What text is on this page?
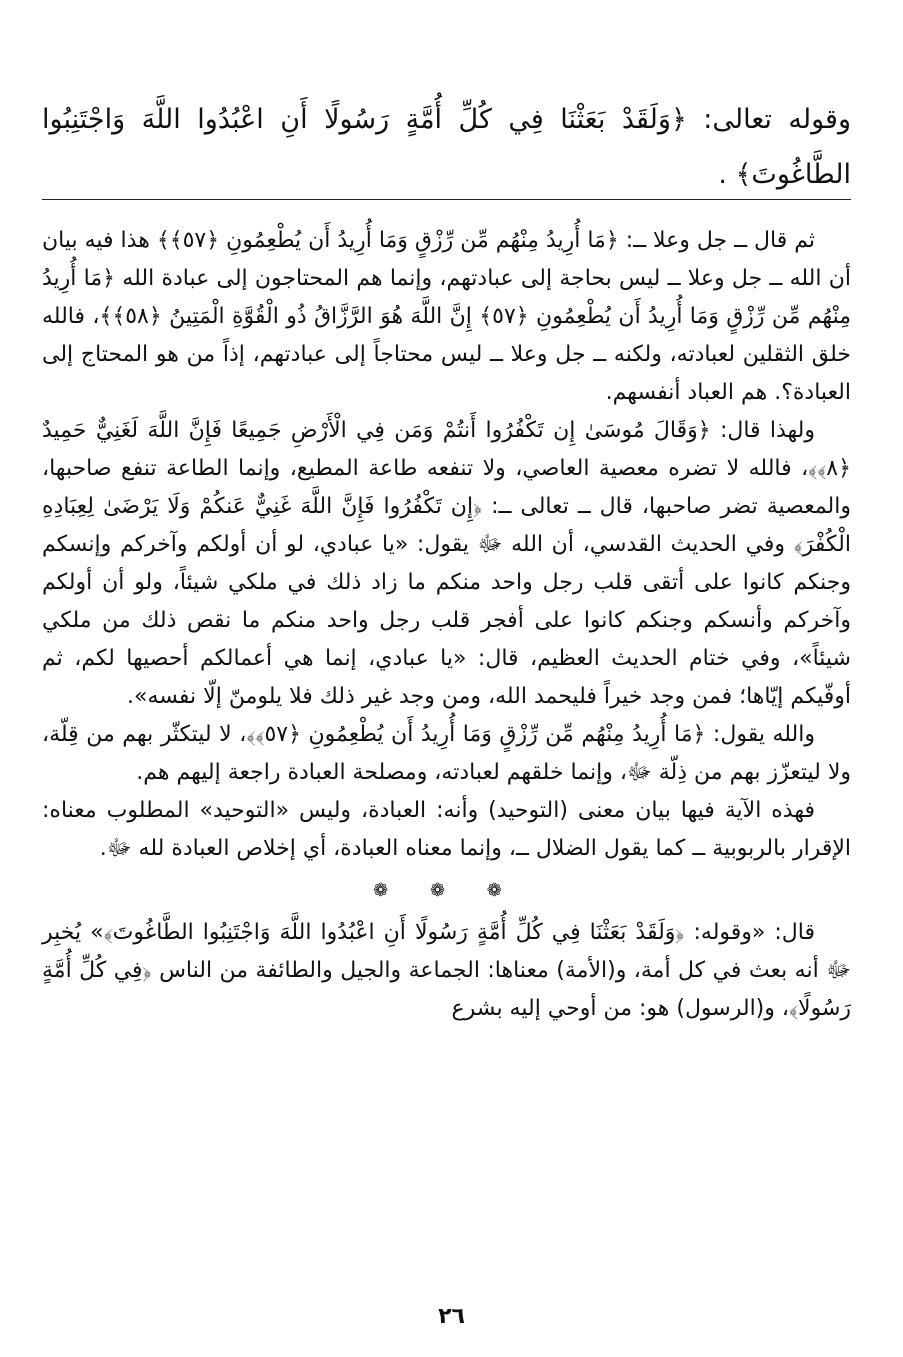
وقوله تعالى: ﴿وَلَقَدْ بَعَثْنَا فِي كُلِّ أُمَّةٍ رَسُولًا أَنِ اعْبُدُوا اللَّهَ وَاجْتَنِبُوا الطَّاغُوتَ﴾ .

ثم قال ــ جل وعلا ــ: ﴿مَا أُرِيدُ مِنْهُم مِّن رِّزْقٍ وَمَا أُرِيدُ أَن يُطْعِمُونِ ﴿٥٧﴾﴾ هذا فيه بيان أن الله ــ جل وعلا ــ ليس بحاجة إلى عبادتهم، وإنما هم المحتاجون إلى عبادة الله ﴿مَا أُرِيدُ مِنْهُم مِّن رِّزْقٍ وَمَا أُرِيدُ أَن يُطْعِمُونِ ﴿٥٧﴾ إِنَّ اللَّهَ هُوَ الرَّزَّاقُ ذُو الْقُوَّةِ الْمَتِينُ ﴿٥٨﴾﴾، فالله خلق الثقلين لعبادته، ولكنه ــ جل وعلا ــ ليس محتاجاً إلى عبادتهم، إذاً من هو المحتاج إلى العبادة؟. هم العباد أنفسهم.

ولهذا قال: ﴿وَقَالَ مُوسَىٰ إِن تَكْفُرُوا أَنتُمْ وَمَن فِي الْأَرْضِ جَمِيعًا فَإِنَّ اللَّهَ لَغَنِيٌّ حَمِيدٌ ﴿٨﴾﴾، فالله لا تضره معصية العاصي، ولا تنفعه طاعة المطيع، وإنما الطاعة تنفع صاحبها، والمعصية تضر صاحبها، قال ــ تعالى ــ: ﴿إِن تَكْفُرُوا فَإِنَّ اللَّهَ غَنِيٌّ عَنكُمْ وَلَا يَرْضَىٰ لِعِبَادِهِ الْكُفْرَ﴾ وفي الحديث القدسي، أن الله ﷻ يقول: «يا عبادي، لو أن أولكم وآخركم وإنسكم وجنكم كانوا على أتقى قلب رجل واحد منكم ما زاد ذلك في ملكي شيئاً، ولو أن أولكم وآخركم وأنسكم وجنكم كانوا على أفجر قلب رجل واحد منكم ما نقص ذلك من ملكي شيئاً»، وفي ختام الحديث العظيم، قال: «يا عبادي، إنما هي أعمالكم أحصيها لكم، ثم أوفّيكم إيّاها؛ فمن وجد خيراً فليحمد الله، ومن وجد غير ذلك فلا يلومنّ إلّا نفسه».

والله يقول: ﴿مَا أُرِيدُ مِنْهُم مِّن رِّزْقٍ وَمَا أُرِيدُ أَن يُطْعِمُونِ ﴿٥٧﴾﴾، لا ليتكثّر بهم من قِلّة، ولا ليتعزّز بهم من ذِلّة ﷻ، وإنما خلقهم لعبادته، ومصلحة العبادة راجعة إليهم هم.

فهذه الآية فيها بيان معنى (التوحيد) وأنه: العبادة، وليس «التوحيد» المطلوب معناه: الإقرار بالربوبية ــ كما يقول الضلال ــ، وإنما معناه العبادة، أي إخلاص العبادة لله ﷻ.

❁ ❁ ❁

قال: «وقوله: ﴿وَلَقَدْ بَعَثْنَا فِي كُلِّ أُمَّةٍ رَسُولًا أَنِ اعْبُدُوا اللَّهَ وَاجْتَنِبُوا الطَّاغُوتَ﴾» يُخبِر ﷻ أنه بعث في كل أمة، و(الأمة) معناها: الجماعة والجيل والطائفة من الناس ﴿فِي كُلِّ أُمَّةٍ رَسُولًا﴾، و(الرسول) هو: من أوحي إليه بشرع

٢٦
